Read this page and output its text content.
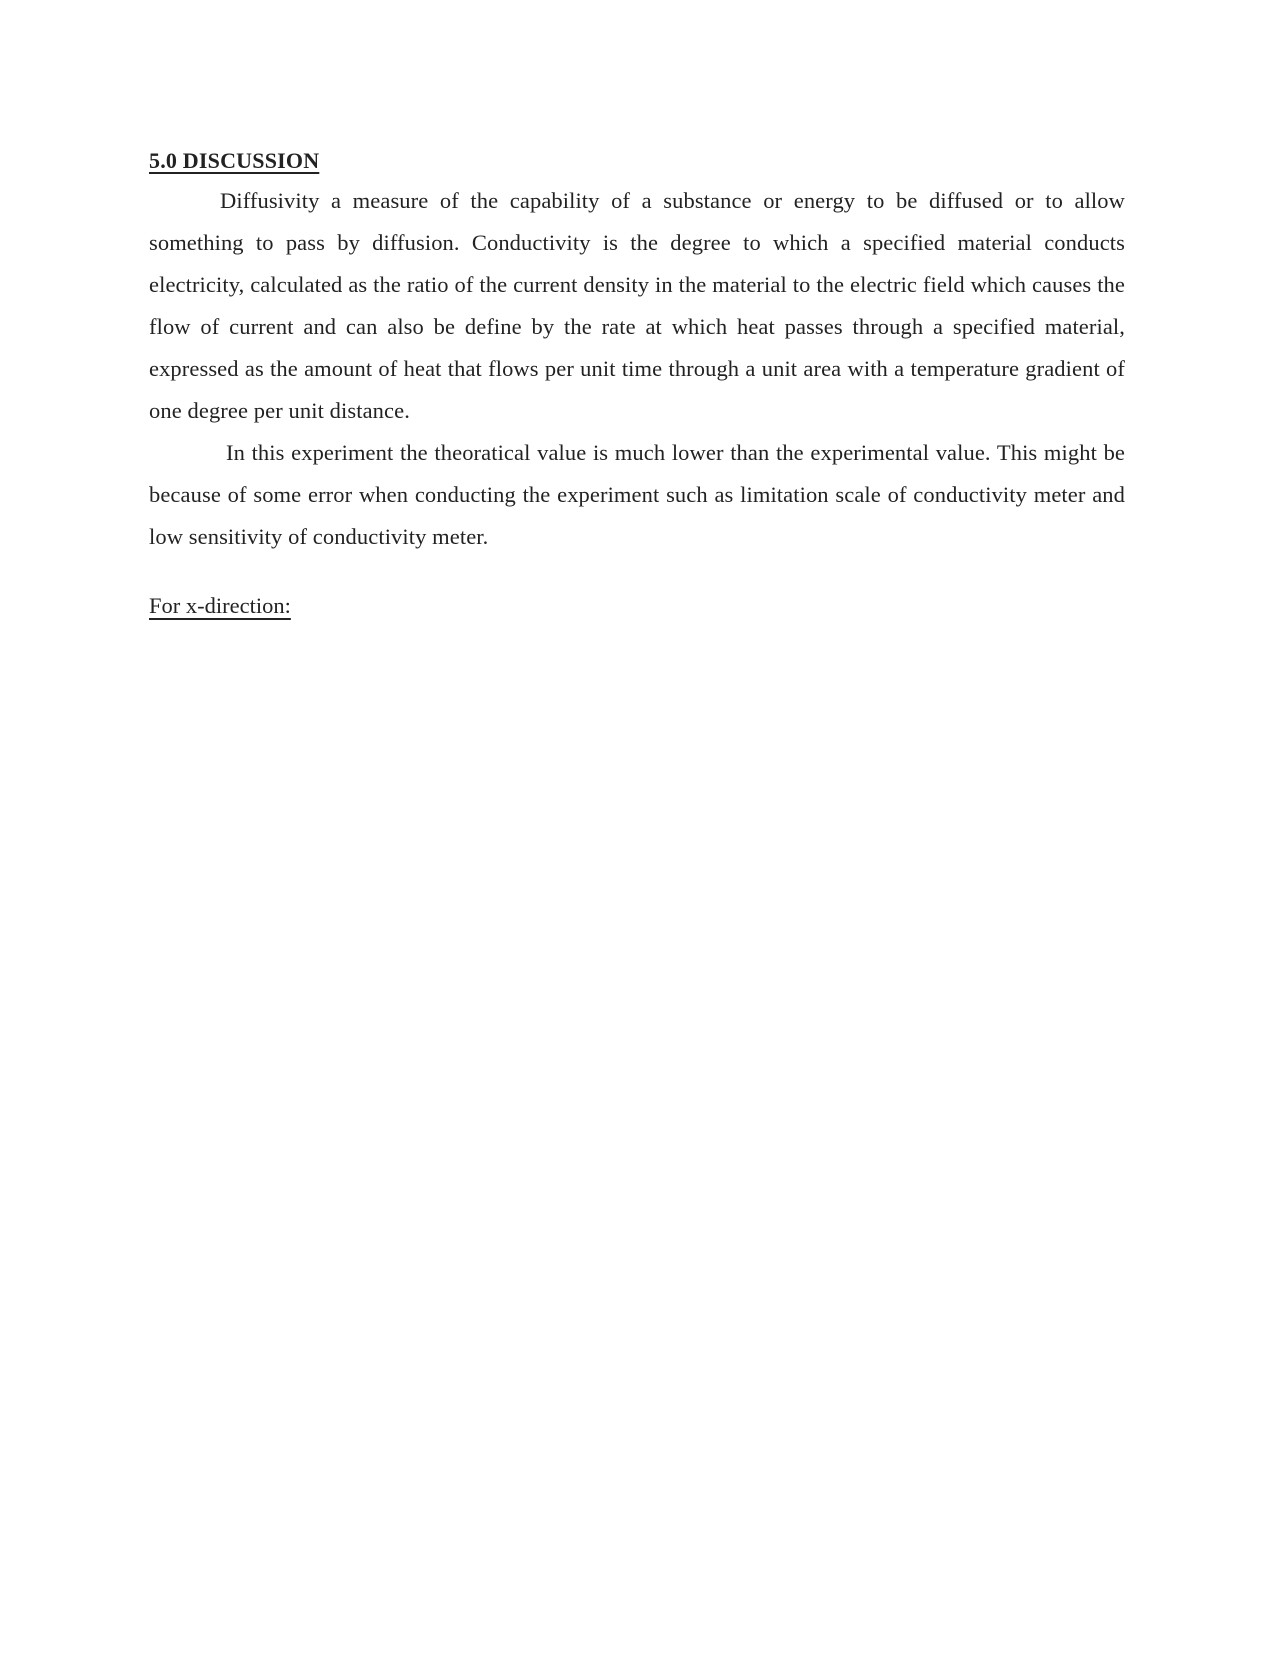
5.0 DISCUSSION

Diffusivity a measure of the capability of a substance or energy to be diffused or to allow something to pass by diffusion. Conductivity is the degree to which a specified material conducts electricity, calculated as the ratio of the current density in the material to the electric field which causes the flow of current and can also be define by the rate at which heat passes through a specified material, expressed as the amount of heat that flows per unit time through a unit area with a temperature gradient of one degree per unit distance.

In this experiment the theoratical value is much lower than the experimental value. This might be because of some error when conducting the experiment such as limitation scale of conductivity meter and low sensitivity of conductivity meter.

For x-direction:
